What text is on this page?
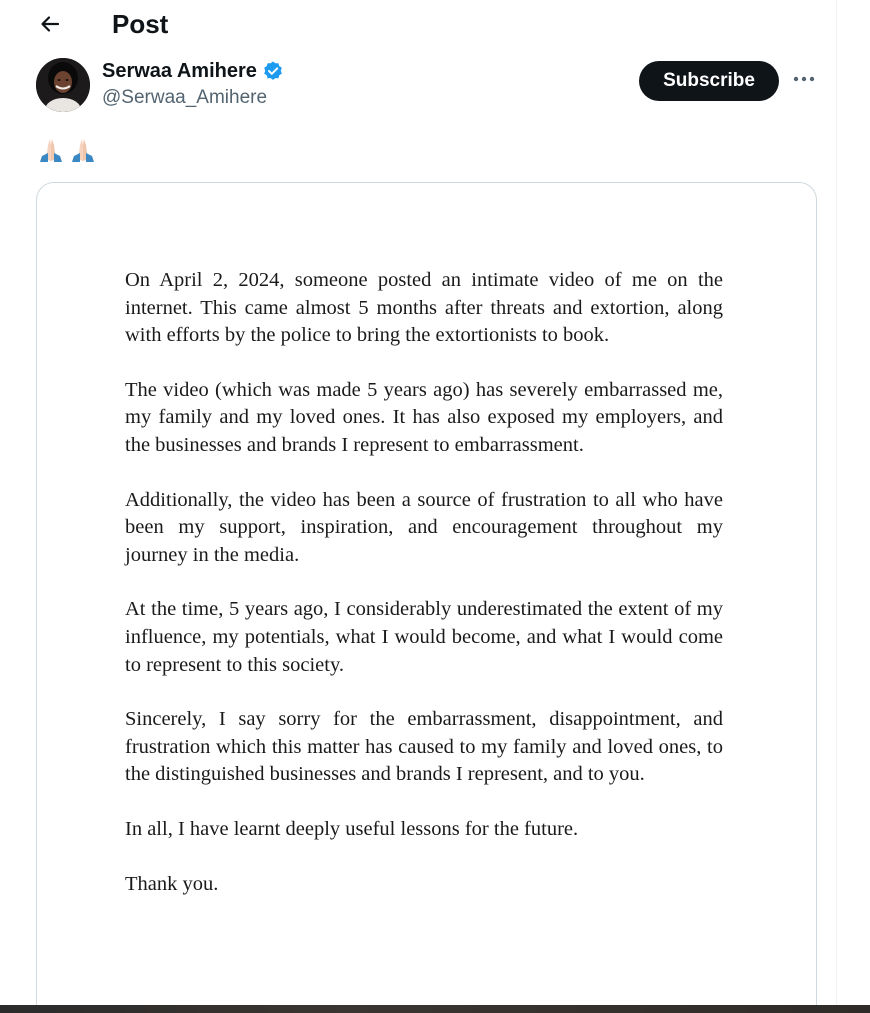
Post
Serwaa Amihere
@Serwaa_Amihere
Subscribe

On April 2, 2024, someone posted an intimate video of me on the internet. This came almost 5 months after threats and extortion, along with efforts by the police to bring the extortionists to book.

The video (which was made 5 years ago) has severely embarrassed me, my family and my loved ones. It has also exposed my employers, and the businesses and brands I represent to embarrassment.

Additionally, the video has been a source of frustration to all who have been my support, inspiration, and encouragement throughout my journey in the media.

At the time, 5 years ago, I considerably underestimated the extent of my influence, my potentials, what I would become, and what I would come to represent to this society.

Sincerely, I say sorry for the embarrassment, disappointment, and frustration which this matter has caused to my family and loved ones, to the distinguished businesses and brands I represent, and to you.

In all, I have learnt deeply useful lessons for the future.

Thank you.
